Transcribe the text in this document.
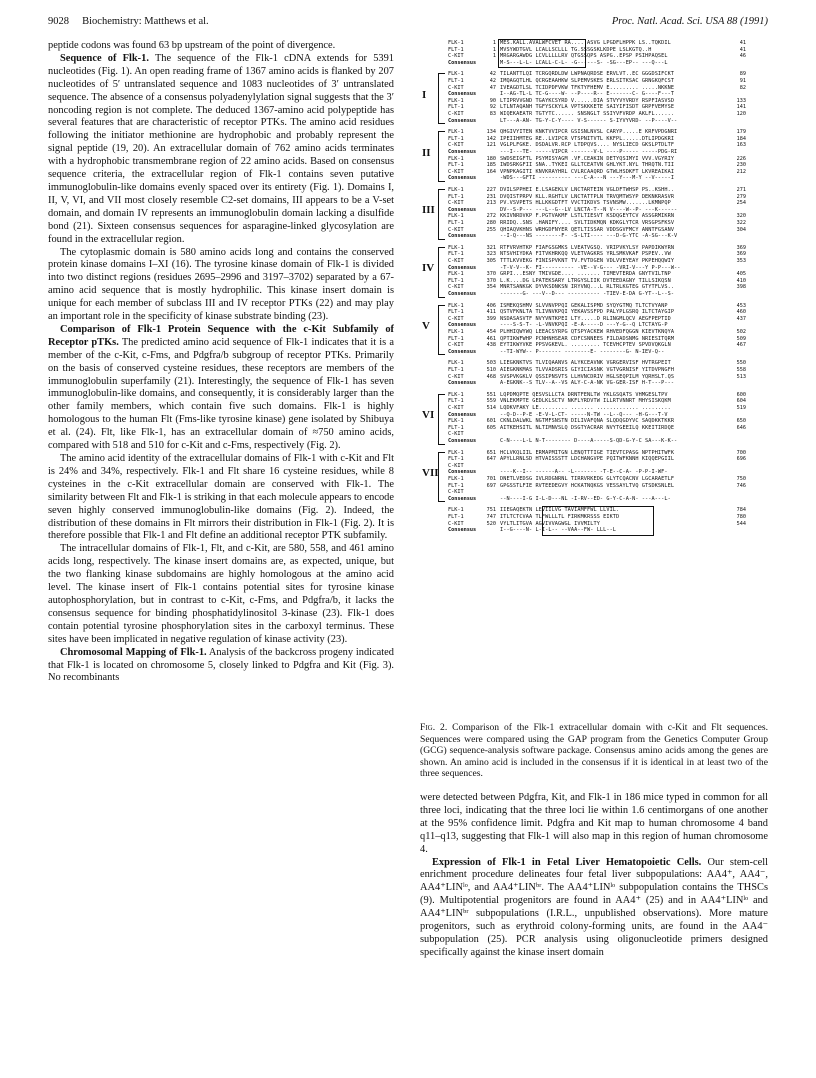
9028 Biochemistry: Matthews et al.	Proc. Natl. Acad. Sci. USA 88 (1991)

peptide codons was found 63 bp upstream of the point of divergence.

Sequence of Flk-1. The sequence of the Flk-1 cDNA extends for 5391 nucleotides (Fig. 1). An open reading frame of 1367 amino acids is flanked by 207 nucleotides of 5′ untranslated sequence and 1083 nucleotides of 3′ untranslated sequence. The absence of a consensus polyadenylylation signal suggests that the 3′ noncoding region is not complete. The deduced 1367-amino acid polypeptide has several features that are characteristic of receptor PTKs. The amino acid residues following the initiator methionine are hydrophobic and probably represent the signal peptide (19, 20). An extracellular domain of 762 amino acids terminates with a hydrophobic transmembrane region of 22 amino acids. Based on consensus sequence criteria, the extracellular region of Flk-1 contains seven putative immunoglobulin-like domains evenly spaced over its entirety (Fig. 1). Domains I, II, V, VI, and VII most closely resemble C2-set domains, III appears to be a V-set domain, and domain IV represents an immunoglobulin domain lacking a disulfide bond (21). Sixteen consensus sequences for asparagine-linked glycosylation are found in the extracellular region.

The cytoplasmic domain is 580 amino acids long and contains the conserved protein kinase domains I–XI (16). The tyrosine kinase domain of Flk-1 is divided into two distinct regions (residues 2695–2996 and 3197–3702) separated by a 67-amino acid sequence that is mostly hydrophilic. This kinase insert domain is unique for each member of subclass III and IV receptor PTKs (22) and may play an important role in the specificity of kinase substrate binding (23).

Comparison of Flk-1 Protein Sequence with the c-Kit Subfamily of Receptor pTKs. The predicted amino acid sequence of Flk-1 indicates that it is a member of the c-Kit, c-Fms, and Pdgfra/b subgroup of receptor PTKs. Primarily on the basis of conserved cysteine residues, these receptors are members of the immunoglobulin superfamily (21). Interestingly, the sequence of Flk-1 has seven immunoglobulin-like domains, and consequently, it is considerably larger than the other family members, which contain five such domains. Flk-1 is highly homologous to the human Flt (Fms-like tyrosine kinase) gene isolated by Shibuya et al. (24). Flt, like Flk-1, has an extracellular domain of ≈750 amino acids, compared with 518 and 510 for c-Kit and c-Fms, respectively (Fig. 2).

The amino acid identity of the extracellular domains of Flk-1 with c-Kit and Flt is 24% and 34%, respectively. Flk-1 and Flt share 16 cysteine residues, while 8 cysteines in the c-Kit extracellular domain are conserved with Flk-1. The similarity between Flt and Flk-1 is striking in that each molecule appears to encode seven highly conserved immunoglobulin-like domains (Fig. 2). Indeed, the distribution of these domains in Flt mirrors their distribution in Flk-1 (Fig. 2). It is therefore possible that Flk-1 and Flt define an additional receptor PTK subfamily.

The intracellular domains of Flk-1, Flt, and c-Kit, are 580, 558, and 461 amino acids long, respectively. The kinase insert domains are, as expected, unique, but the two flanking kinase subdomains are highly homologous at the amino acid level. The kinase insert of Flk-1 contains potential sites for tyrosine kinase autophosphorylation, but in contrast to c-Kit, c-Fms, and Pdgfra/b, it lacks the consensus sequence for binding phosphatidylinositol 3-kinase (23). Flk-1 does contain potential tyrosine phosphorylation sites in the carboxyl terminus. These sites have been implicated in negative regulation of kinase activity (23).

Chromosomal Mapping of Flk-1. Analysis of the backcross progeny indicated that Flk-1 is located on chromosome 5, closely linked to Pdgfra and Kit (Fig. 3). No recombinants

FLK-1	1 MES.KALL.AVALWFCVET RA.....ASVG LPGDFLHPPK LS..TQKDIL	41
FLT-1	1 MVSYWDTGVL LCALLSCLLL TG.SSSGSKLKDPE LSLKGTQ..H	41
C-KIT	1 MRGARGAWDG LCVLLLLLRV QTGSSQPS ASPG..EPSP PSIHPAQSEL	46
Consensus	M-S---L-L- LCALL-C-L- -G------S- -SG---EP-- ---Q---L
FLK-1	42 TILANTTLQI TCRGQRDLDW LWPNAQRDSE ERVLVT..EC GGGDSIFCKT	89
FLT-1	42 IMQAGQTLHL QCRGEAAHKW SLPEMVSKES ERLSITKSAC GRNGKQFCST	91
C-KIT	47 IVEAGDTLSL TCIDPDFVKW TFKTYFHEMV E......... .....NKKNE	82
Consensus	I--AG-TL-L TC-G----W- --P----R-- E-------C- G----F---T
FLK-1	90 LTIPRVVGND TGAYKCSYRD V......DIA STVYVYVRDY RSPFIASVSD	133
FLT-1	92 LTLNTAQANH TGFYSCKYLA VPTSKKKETE SAIYIFISDT GRPFVEMYSE	141
C-KIT	83 WIQEKAEATR TGTYTC...... SNSNGLT SSIYVFVRDP AKLFL......	120
Consensus	LT---A-AN- TG-Y-C-Y---- V-S------ S-IYVYVRD- --P----V--
I
FLK-1	134 QHGIVYITEN KNKTVVIPCR GSISNLNVSL CARYP.....E KRFVPDGNRI	179
FLT-1	142 IPEIIHMTEG RE..LVIPCR VTSPNITVTL KKFPL......DTLIPDGKRI	184
C-KIT	121 VGLPLFGKE. DSDALVR.RCP LTDPQVS.... NYSLIECD GKSLPTDLTF	163
Consensus	---I---TE- -----VIPCR -------V-L ----P----- -----PDG-RI
FLK-1	180 SWDSEIGFTL PSYMISYAGM .VF.CEAKIN DETYQSIMYI VVV.VGYRIY	226
FLT-1	185 IWDSRKGFII SNA..TYKEI GLLTCEATVN GHLYKT.NYL THRQTN.TII	230
C-KIT	164 VPNPKAGITI KNVKRAYHRL CVLRCAAQRD GTWLHSDKFT LKVREAIKAI	212
Consensus	-WDS---GFTI ---------- ---C-A---N ---Y---M-Y --V-----I
II
FLK-1	227 DVILSPPHEI E.LSAGEKLV LNCTARTEIN VGLDFTWHSP PS..KSHH..	271
FLT-1	231 DVQISTPRPV KLL.RGHTLV LNCTATTPLN TRVQMTWSYP DEKNKRASVR	279
C-KIT	213 PV.VSVPETS HLLKKGDTFT VVCTIKDVS TSVNSMW.......LKMNPQP	254
Consensus	DV--S-P--- ---L--G--LV LNCTA-T--N V----W--P- ---K------
FLK-1	272 KKIVNRDVKP F.PGTVAKMF LSTLTIESVT KSDQGEYTCV ASSGRMIKRN	320
FLT-1	280 RRIDQ..SNS .HANIFY.... SVLTIDKMQN KDKGLYTCR VRSGPSFKSV	322
C-KIT	255 QHIAQVKHNS WRHGDFNYER QETLTISSAR VDDSGVFMCY ANNTFGSANV	304
Consensus	--I-Q---NS --------F- -S-LTI---- ---D-G-YTC -A-SG---K-V
III
FLK-1	321 RTFVRVHTKP FIAFGSGMKS LVEATVGSQ. VRIPVKYLSY PAPDIKWYRN	369
FLT-1	323 NTSVHIYDKA FITVKHRKQQ VLETVAGKRS YRLSMKVKAF PSPEV..VW	369
C-KIT	305 TTTLKVVEKG FINISPVKNT TV.FVTDGEN VDLVVEYEAY PKPEHQQWIY	353
Consensus	-T-V-V--K- FI---------- -VE--V-G--- -VRI-V---Y P-P---W--
FLK-1	370 GRPI...ESNY TMIVGDE.... ....... TIMEVTERDA GNYTVILTNP	405
FLT-1	370 L.K....DG LPATEKSARY LTRGYSLIIK DVTEEDAGNY TILLSIKQSN	410
C-KIT	354 MNRTSANKGK DYVKSDNKSN IRYVNQ...L RLTRLKGTEG GTYTFLVS..	398
Consensus	-------G- ---V--D--- ---------- -TIEV-E-DA G-YT--L--S-
IV
FLK-1	406 ISMEKQSHMV SLVVNVPPQI GEKALISPMD SYQYGTMQ TLTCTVYANP	453
FLT-1	411 QSTVFKNLTA TLIVNVKPQI YEKAVSSFPD PALYPLGSRQ ILTCTAYGIP	460
C-KIT	399 NSDASASVTF NVYVNTKPEI LTY.....D RLINGMLQCV AEGFPEPTID	437
Consensus	----S-S-T- -L-VNVKPQI -E-A-----D ---Y-G--Q LTCTAYG-P
FLK-1	454 PLHHIQWYWQ LEEACSYRPG QTSPYACKEW RHVEDFQGGN KIEVTKNQYA	502
FLT-1	461 QPTIKWFWHP PCNHNHSEAR CDFCSNNEES FILDADSNMG NRIESITQRM	509
C-KIT	438 EYTIKWYVKE PPSVGKEVL. ......... TCEVHCPTEV SPVDVQKGLN	467
Consensus	--TI-WYW-- P------- --------E- --------G- N-IEV-Q--
V
FLK-1	503 LIEGKNKTVS TLVIQAANVS ALYKCEAVNK VGRGERVISF HVTRGPEIT	550
FLT-1	510 AIEGKNKMAS TLVVADSRIS GIYICIASNK VGTVGRNISF YITDVPNGFH	558
C-KIT	468 SVSPVKGKLV QSSIPNSVTS LLHVNCDRIV HGLSEQPILM YQRHSLT.QS	513
Consensus	A-EGKNK--S TLV--A--VS ALY-C-A-NK VG-GER-ISF H-T---P---
FLK-1	551 LQPDMQPTE QESVSLLCTA DRNTFENLTW YKLGSQATS VHMGESLTPV	600
FLT-1	559 VNLEKMPTE GEDLKLSCTV NKFLYRDVTW ILLRTVNNRT MHYSISKQKM	604
C-KIT	514 LQDKVFAKY LE......... ....... ............. .........	519
Consensus	--Q-D--P-E -E-V-L-CT- -----N-TW --L--Q--- -H-G---T-V
FLK-1	601 CKNLDALWKL NGTMFSNSTN DILIVAFQNA SLQDQGDYVC SAQDKKTKKR	650
FLT-1	605 AITKEHSITL NLTIMNVSLQ DSGTYACRAR NVYTGEEILQ KKEITIRDQE	646
C-KIT
Consensus	C-N----L-L N-T-------- D----A-----S-QD-G-Y-C SA---K-K--
VI
FLK-1	651 HCLVKQLIIL ERMAPMITGN LENQTTTIGE TIEVTCPASG NPTPHITWFK	700
FLT-1	647 APYLLRNLSD HTVAISSSTT LDCHANGVPE PQITWFKNNH KIQQEPGIIL	696
C-KIT
Consensus	----K--I-- ------A-- -L------- -T-E--C-A- -P-P-I-WF-
FLK-1	701 DNETLVEDSG IVLRDGNRNL TIRRVRKEDG GLYTCQACNV LGCARAETLF	750
FLT-1	697 GPGSSTLFIE RVTEEDEGVY HCKATNQKGS VESSAYLTVQ GTSDKSNLEL	746
C-KIT
Consensus	--N----I-G I-L-D---NL -I-RV--ED- G-Y-C-A-N- ---A---L-
VII
FLK-1	751 IIEGAQEKTN LEVIILVG TAVIAMFFWL LLVIL.	784
FLT-1	747 ITLTCTCVAA TLFWLLLTL FIRKMKRSSS EIKTD	780
C-KIT	520 VYLTLITGVA AGVIVVAGWGL IVVMILTY	544
Consensus	I--G----N- L-I-L-- --VAA--FW- LLL--L
Fig. 2. Comparison of the Flk-1 extracellular domain with c-Kit and Flt sequences. Sequences were compared using the GAP program from the Genetics Computer Group (GCG) sequence-analysis software package. Consensus amino acids among the genes are shown. An amino acid is included in the consensus if it is identical in at least two of the three sequences.

were detected between Pdgfra, Kit, and Flk-1 in 186 mice typed in common for all three loci, indicating that the three loci lie within 1.6 centimorgans of one another at the 95% confidence limit. Pdgfra and Kit map to human chromosome 4 band q11–q13, suggesting that Flk-1 will also map in this region of human chromosome 4.

Expression of Flk-1 in Fetal Liver Hematopoietic Cells. Our stem-cell enrichment procedure delineates four fetal liver subpopulations: AA4⁺, AA4⁻, AA4⁺LINˡᵒ, and AA4⁺LINᵇʳ. The AA4⁺LINˡᵒ subpopulation contains the THSCs (9). Multipotential progenitors are found in AA4⁺ (25) and in AA4⁺LINˡᵒ and AA4⁺LINᵇʳ subpopulations (I.R.L., unpublished observations). More mature progenitors, such as erythroid colony-forming units, are found in the AA4⁻ subpopulation (25). PCR analysis using oligonucleotide primers designed specifically against the kinase insert domain
